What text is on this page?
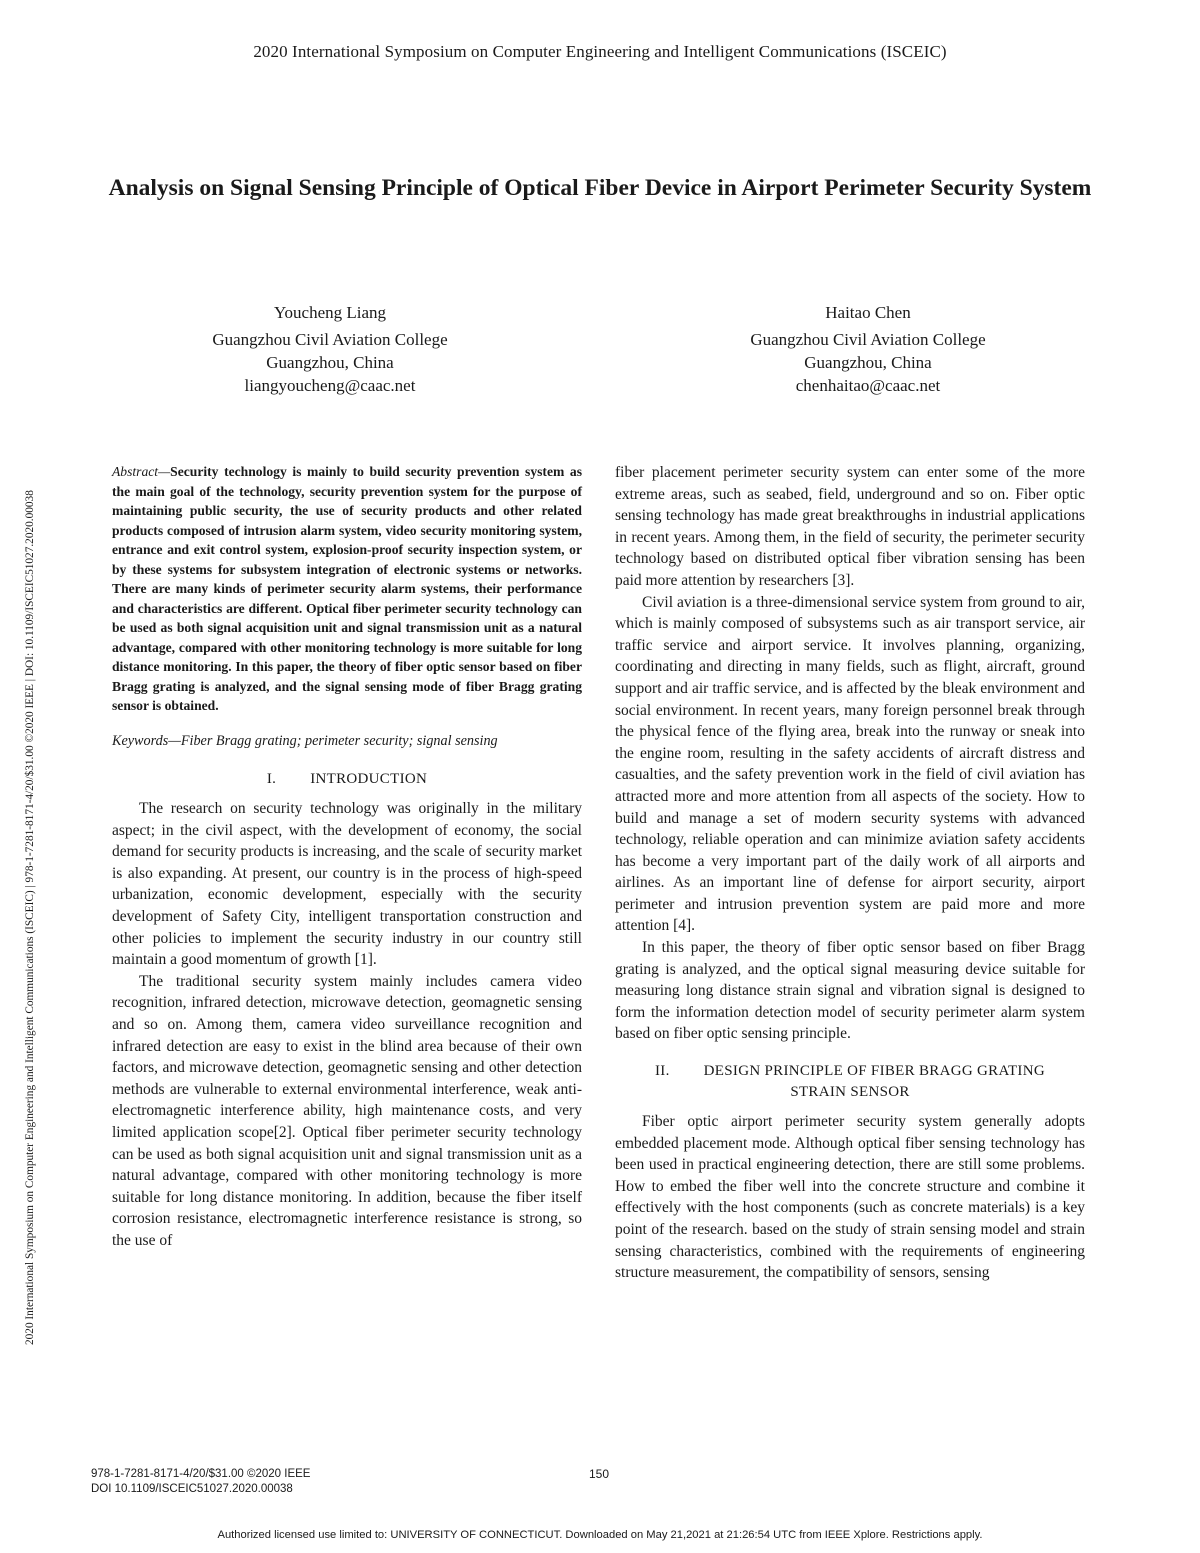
2020 International Symposium on Computer Engineering and Intelligent Communications (ISCEIC)
2020 International Symposium on Computer Engineering and Intelligent Communications (ISCEIC) | 978-1-7281-8171-4/20/$31.00 ©2020 IEEE | DOI: 10.1109/ISCEIC51027.2020.00038
Analysis on Signal Sensing Principle of Optical Fiber Device in Airport Perimeter Security System
Youcheng Liang
Guangzhou Civil Aviation College
Guangzhou, China
liangyoucheng@caac.net
Haitao Chen
Guangzhou Civil Aviation College
Guangzhou, China
chenhaitao@caac.net

Abstract—Security technology is mainly to build security prevention system as the main goal of the technology, security prevention system for the purpose of maintaining public security, the use of security products and other related products composed of intrusion alarm system, video security monitoring system, entrance and exit control system, explosion-proof security inspection system, or by these systems for subsystem integration of electronic systems or networks. There are many kinds of perimeter security alarm systems, their performance and characteristics are different. Optical fiber perimeter security technology can be used as both signal acquisition unit and signal transmission unit as a natural advantage, compared with other monitoring technology is more suitable for long distance monitoring. In this paper, the theory of fiber optic sensor based on fiber Bragg grating is analyzed, and the signal sensing mode of fiber Bragg grating sensor is obtained.

Keywords—Fiber Bragg grating; perimeter security; signal sensing

I. INTRODUCTION

The research on security technology was originally in the military aspect; in the civil aspect, with the development of economy, the social demand for security products is increasing, and the scale of security market is also expanding. At present, our country is in the process of high-speed urbanization, economic development, especially with the security development of Safety City, intelligent transportation construction and other policies to implement the security industry in our country still maintain a good momentum of growth [1].

The traditional security system mainly includes camera video recognition, infrared detection, microwave detection, geomagnetic sensing and so on. Among them, camera video surveillance recognition and infrared detection are easy to exist in the blind area because of their own factors, and microwave detection, geomagnetic sensing and other detection methods are vulnerable to external environmental interference, weak anti-electromagnetic interference ability, high maintenance costs, and very limited application scope[2]. Optical fiber perimeter security technology can be used as both signal acquisition unit and signal transmission unit as a natural advantage, compared with other monitoring technology is more suitable for long distance monitoring. In addition, because the fiber itself corrosion resistance, electromagnetic interference resistance is strong, so the use of

fiber placement perimeter security system can enter some of the more extreme areas, such as seabed, field, underground and so on. Fiber optic sensing technology has made great breakthroughs in industrial applications in recent years. Among them, in the field of security, the perimeter security technology based on distributed optical fiber vibration sensing has been paid more attention by researchers [3].

Civil aviation is a three-dimensional service system from ground to air, which is mainly composed of subsystems such as air transport service, air traffic service and airport service. It involves planning, organizing, coordinating and directing in many fields, such as flight, aircraft, ground support and air traffic service, and is affected by the bleak environment and social environment. In recent years, many foreign personnel break through the physical fence of the flying area, break into the runway or sneak into the engine room, resulting in the safety accidents of aircraft distress and casualties, and the safety prevention work in the field of civil aviation has attracted more and more attention from all aspects of the society. How to build and manage a set of modern security systems with advanced technology, reliable operation and can minimize aviation safety accidents has become a very important part of the daily work of all airports and airlines. As an important line of defense for airport security, airport perimeter and intrusion prevention system are paid more and more attention [4].

In this paper, the theory of fiber optic sensor based on fiber Bragg grating is analyzed, and the optical signal measuring device suitable for measuring long distance strain signal and vibration signal is designed to form the information detection model of security perimeter alarm system based on fiber optic sensing principle.

II. DESIGN PRINCIPLE OF FIBER BRAGG GRATING
STRAIN SENSOR

Fiber optic airport perimeter security system generally adopts embedded placement mode. Although optical fiber sensing technology has been used in practical engineering detection, there are still some problems. How to embed the fiber well into the concrete structure and combine it effectively with the host components (such as concrete materials) is a key point of the research. based on the study of strain sensing model and strain sensing characteristics, combined with the requirements of engineering structure measurement, the compatibility of sensors, sensing

978-1-7281-8171-4/20/$31.00 ©2020 IEEE
DOI 10.1109/ISCEIC51027.2020.00038
150
Authorized licensed use limited to: UNIVERSITY OF CONNECTICUT. Downloaded on May 21,2021 at 21:26:54 UTC from IEEE Xplore. Restrictions apply.
